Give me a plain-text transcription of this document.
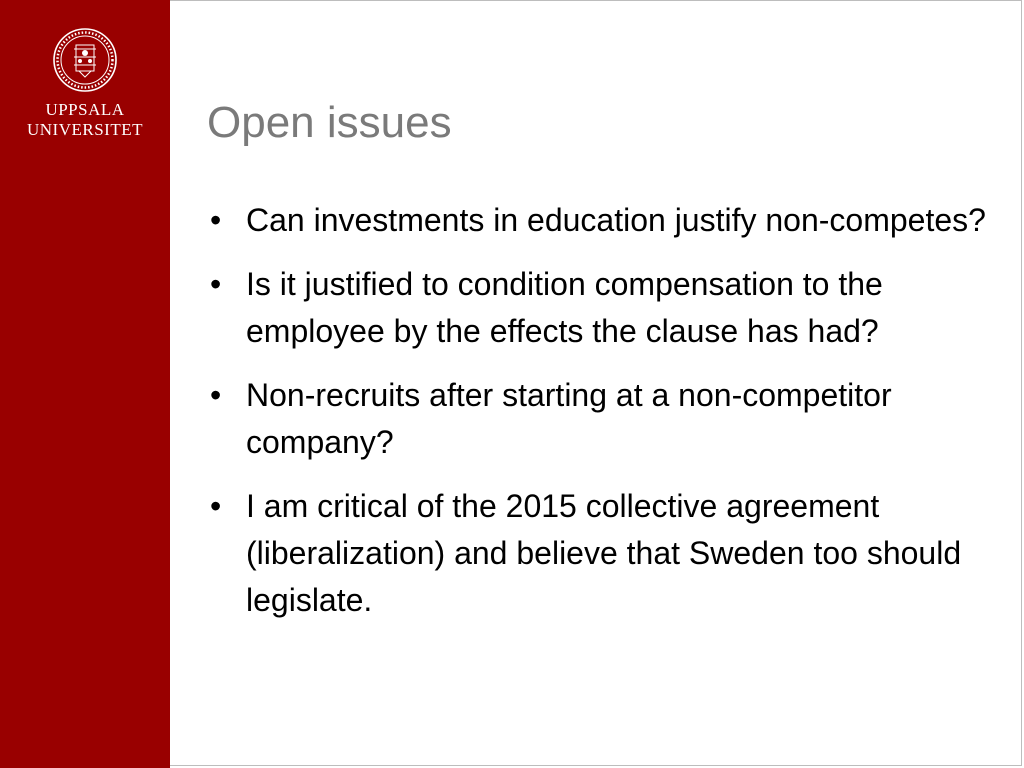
UPPSALA
UNIVERSITET	Open issues
• Can investments in education justify non-competes?
• Is it justified to condition compensation to the employee by the effects the clause has had?
• Non-recruits after starting at a non-competitor company?
• I am critical of the 2015 collective agreement (liberalization) and believe that Sweden too should legislate.
